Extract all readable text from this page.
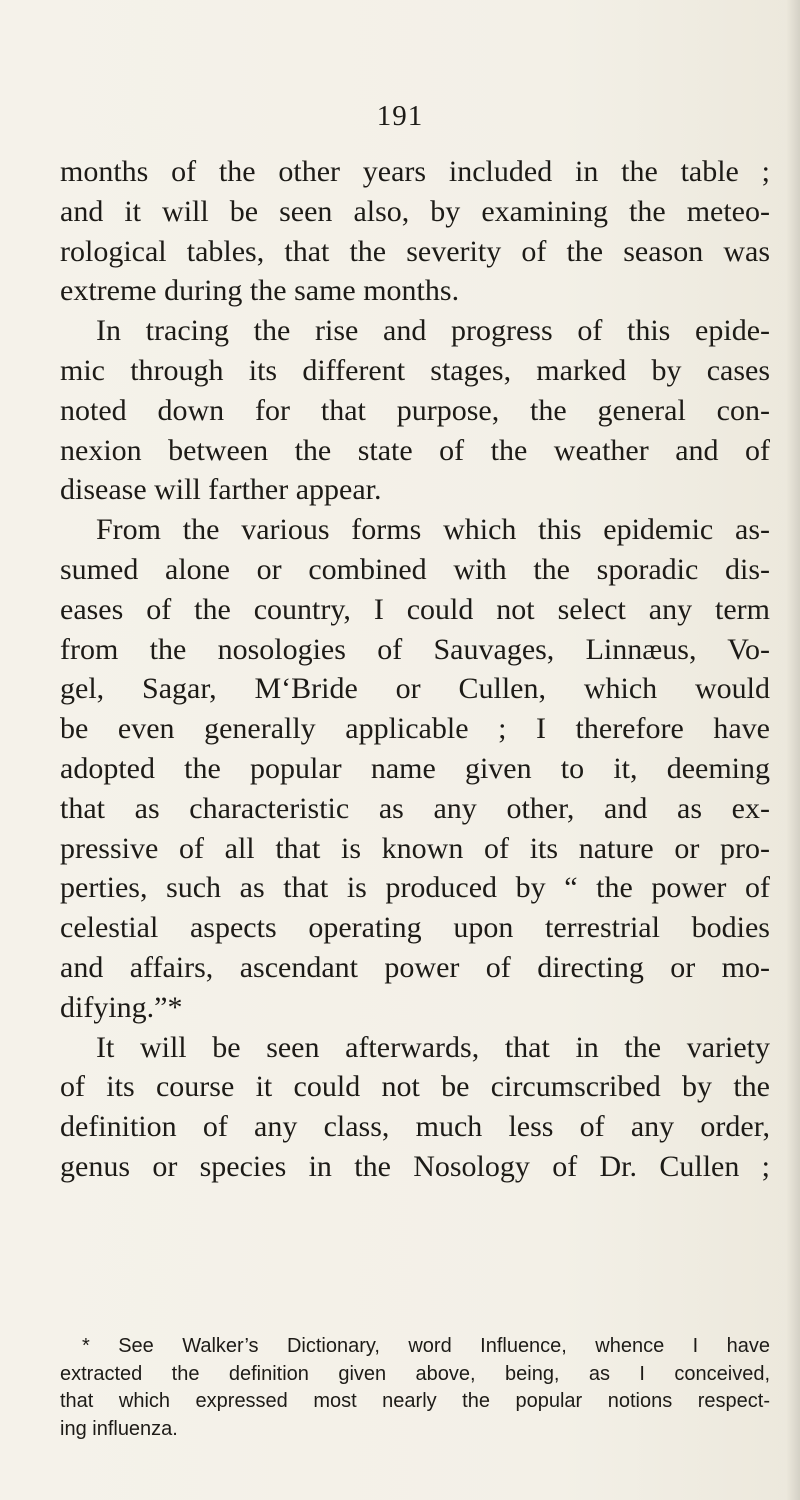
191
months of the other years included in the table ;
and it will be seen also, by examining the meteo-
rological tables, that the severity of the season was
extreme during the same months.
In tracing the rise and progress of this epide-
mic through its different stages, marked by cases
noted down for that purpose, the general con-
nexion between the state of the weather and of
disease will farther appear.
From the various forms which this epidemic as-
sumed alone or combined with the sporadic dis-
eases of the country, I could not select any term
from the nosologies of Sauvages, Linnæus, Vo-
gel, Sagar, M‘Bride or Cullen, which would
be even generally applicable ; I therefore have
adopted the popular name given to it, deeming
that as characteristic as any other, and as ex-
pressive of all that is known of its nature or pro-
perties, such as that is produced by “ the power of
celestial aspects operating upon terrestrial bodies
and affairs, ascendant power of directing or mo-
difying.”*
It will be seen afterwards, that in the variety
of its course it could not be circumscribed by the
definition of any class, much less of any order,
genus or species in the Nosology of Dr. Cullen ;
* See Walker’s Dictionary, word Influence, whence I have
extracted the definition given above, being, as I conceived,
that which expressed most nearly the popular notions respect-
ing influenza.
